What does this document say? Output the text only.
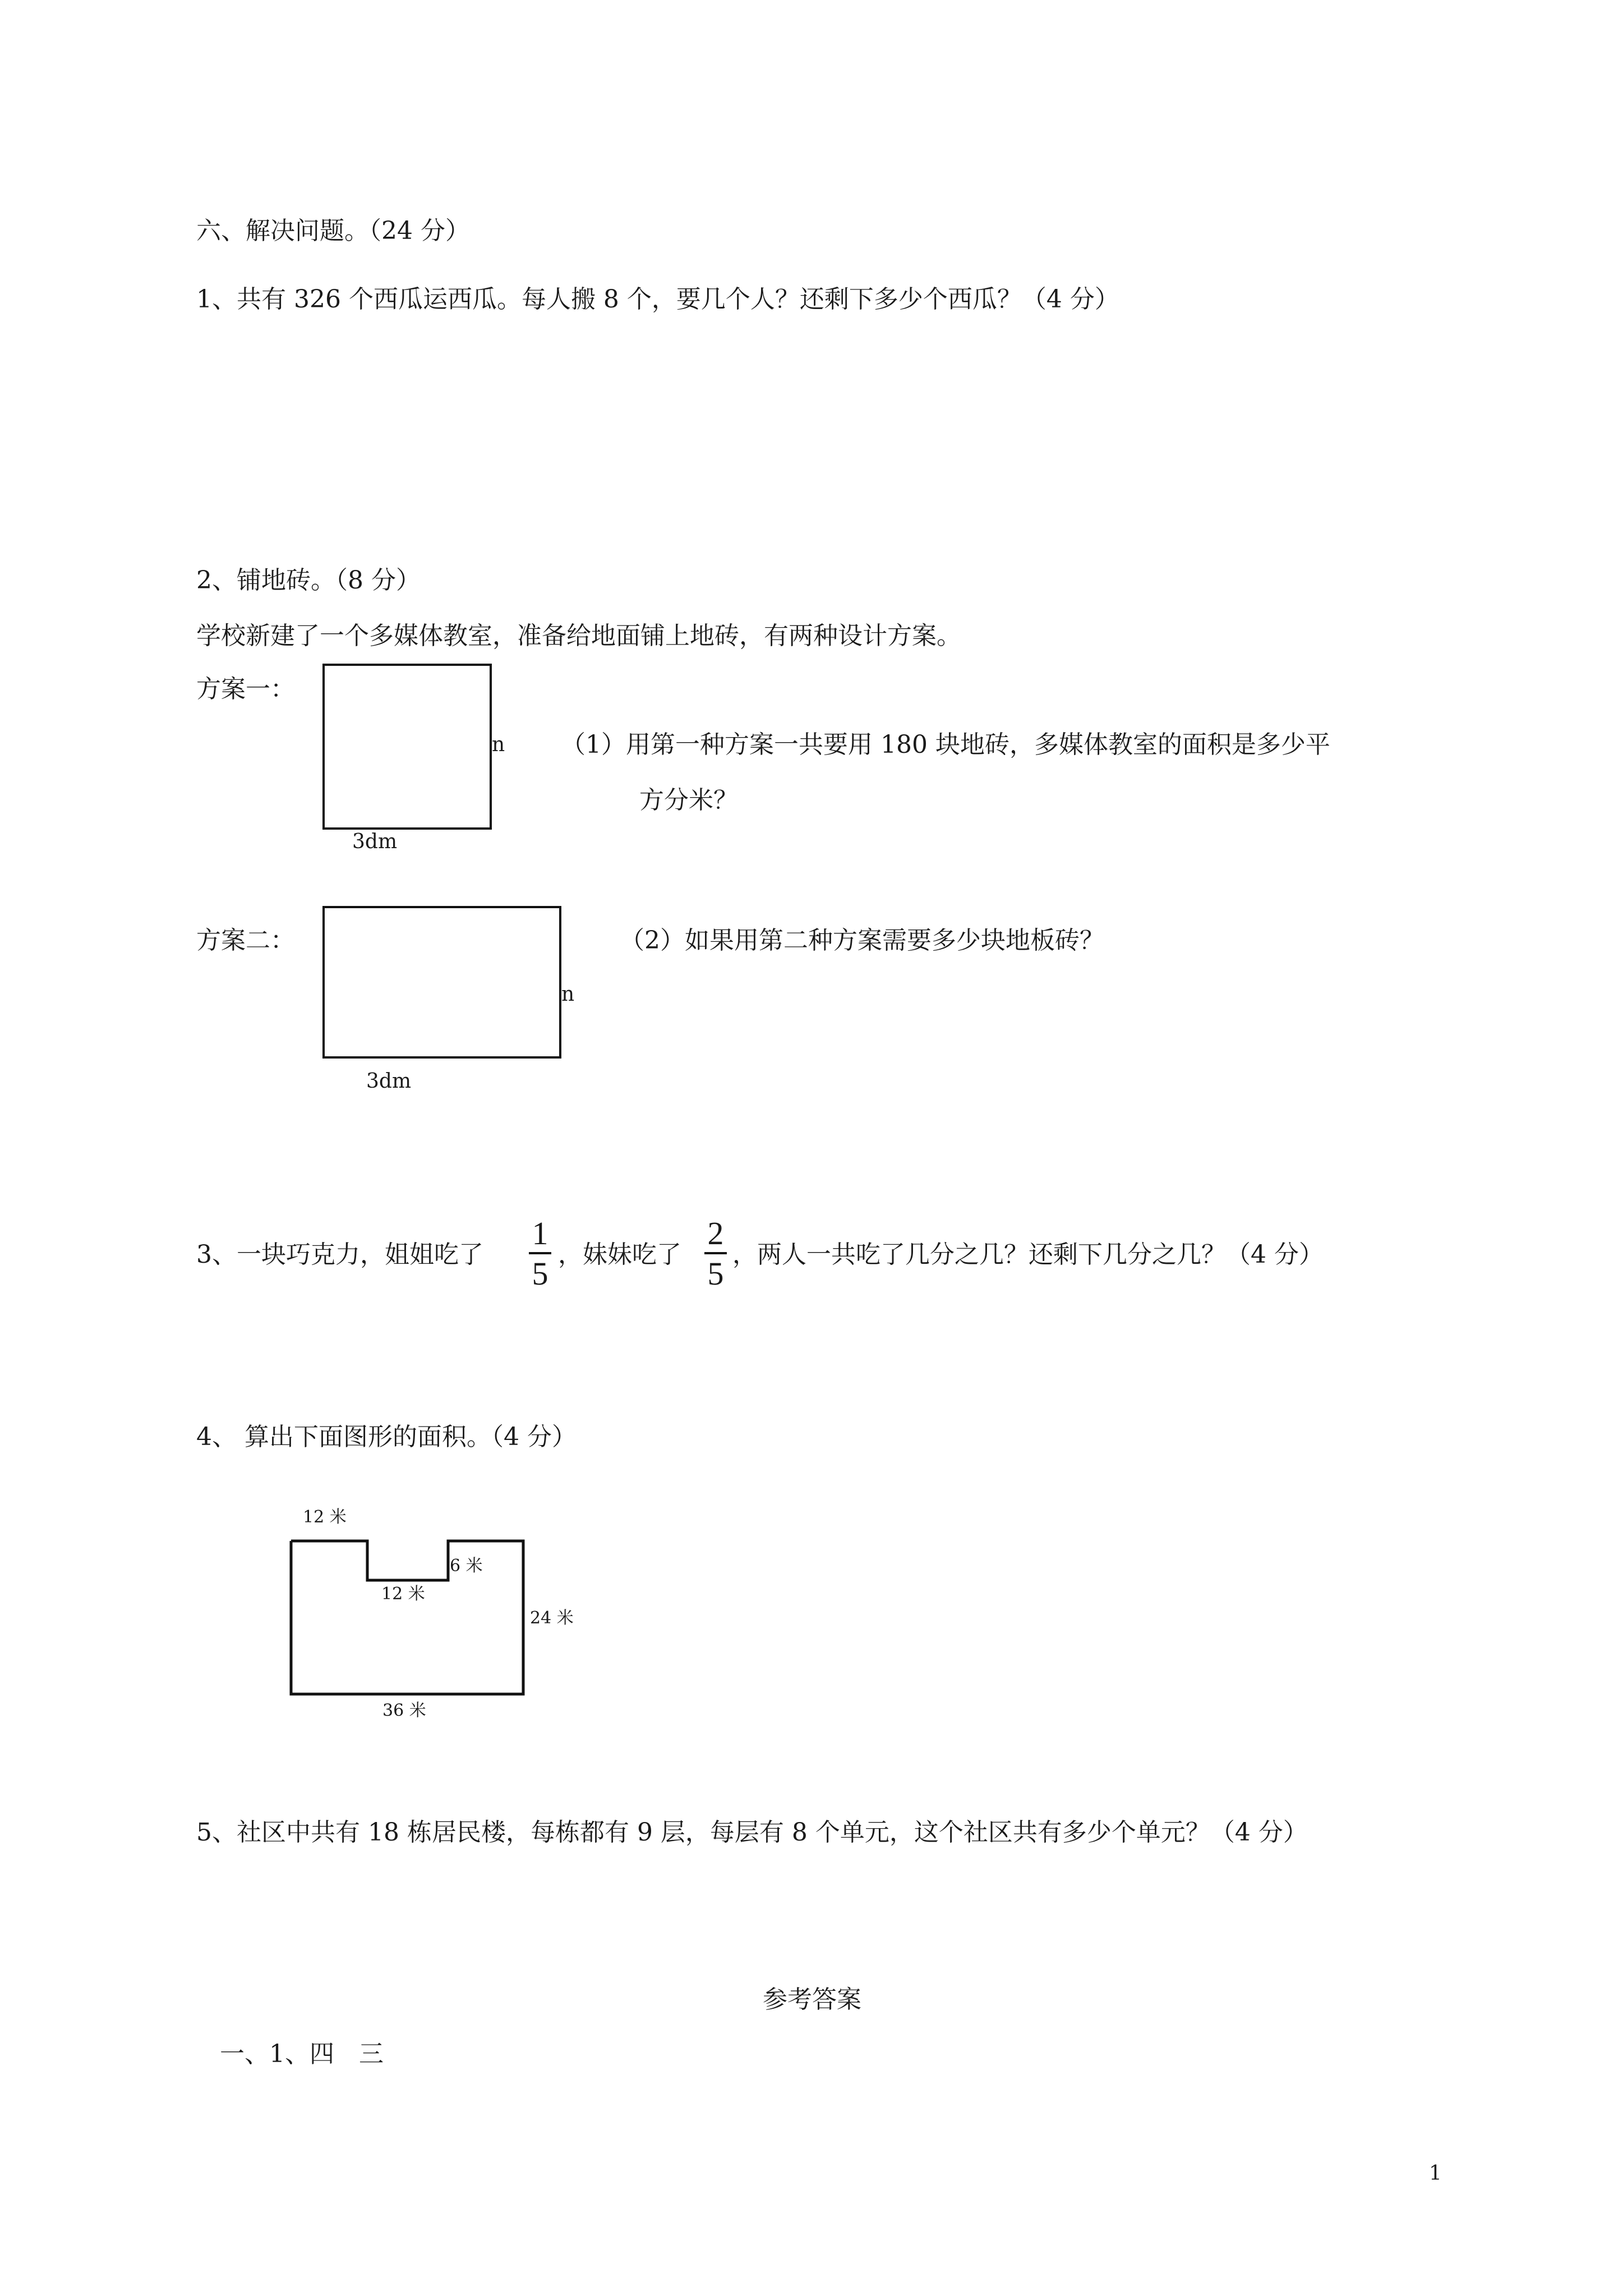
六、解决问题。（24 分）
1、共有 326 个西瓜运西瓜。每人搬 8 个，要几个人？还剩下多少个西瓜？（4 分）
2、铺地砖。（8 分）
学校新建了一个多媒体教室，准备给地面铺上地砖，有两种设计方案。
方案一：
n
3dm
（1）用第一种方案一共要用 180 块地砖，多媒体教室的面积是多少平
方分米？
方案二：
n
3dm
（2）如果用第二种方案需要多少块地板砖？
3、一块巧克力，姐姐吃了
1
5
，妹妹吃了
2
5
，两人一共吃了几分之几？还剩下几分之几？（4 分）
4、 算出下面图形的面积。（4 分）
12 米
6 米
12 米
24 米
36 米
5、社区中共有 18 栋居民楼，每栋都有 9 层，每层有 8 个单元，这个社区共有多少个单元？（4 分）
参考答案
一、1、四　三
1
